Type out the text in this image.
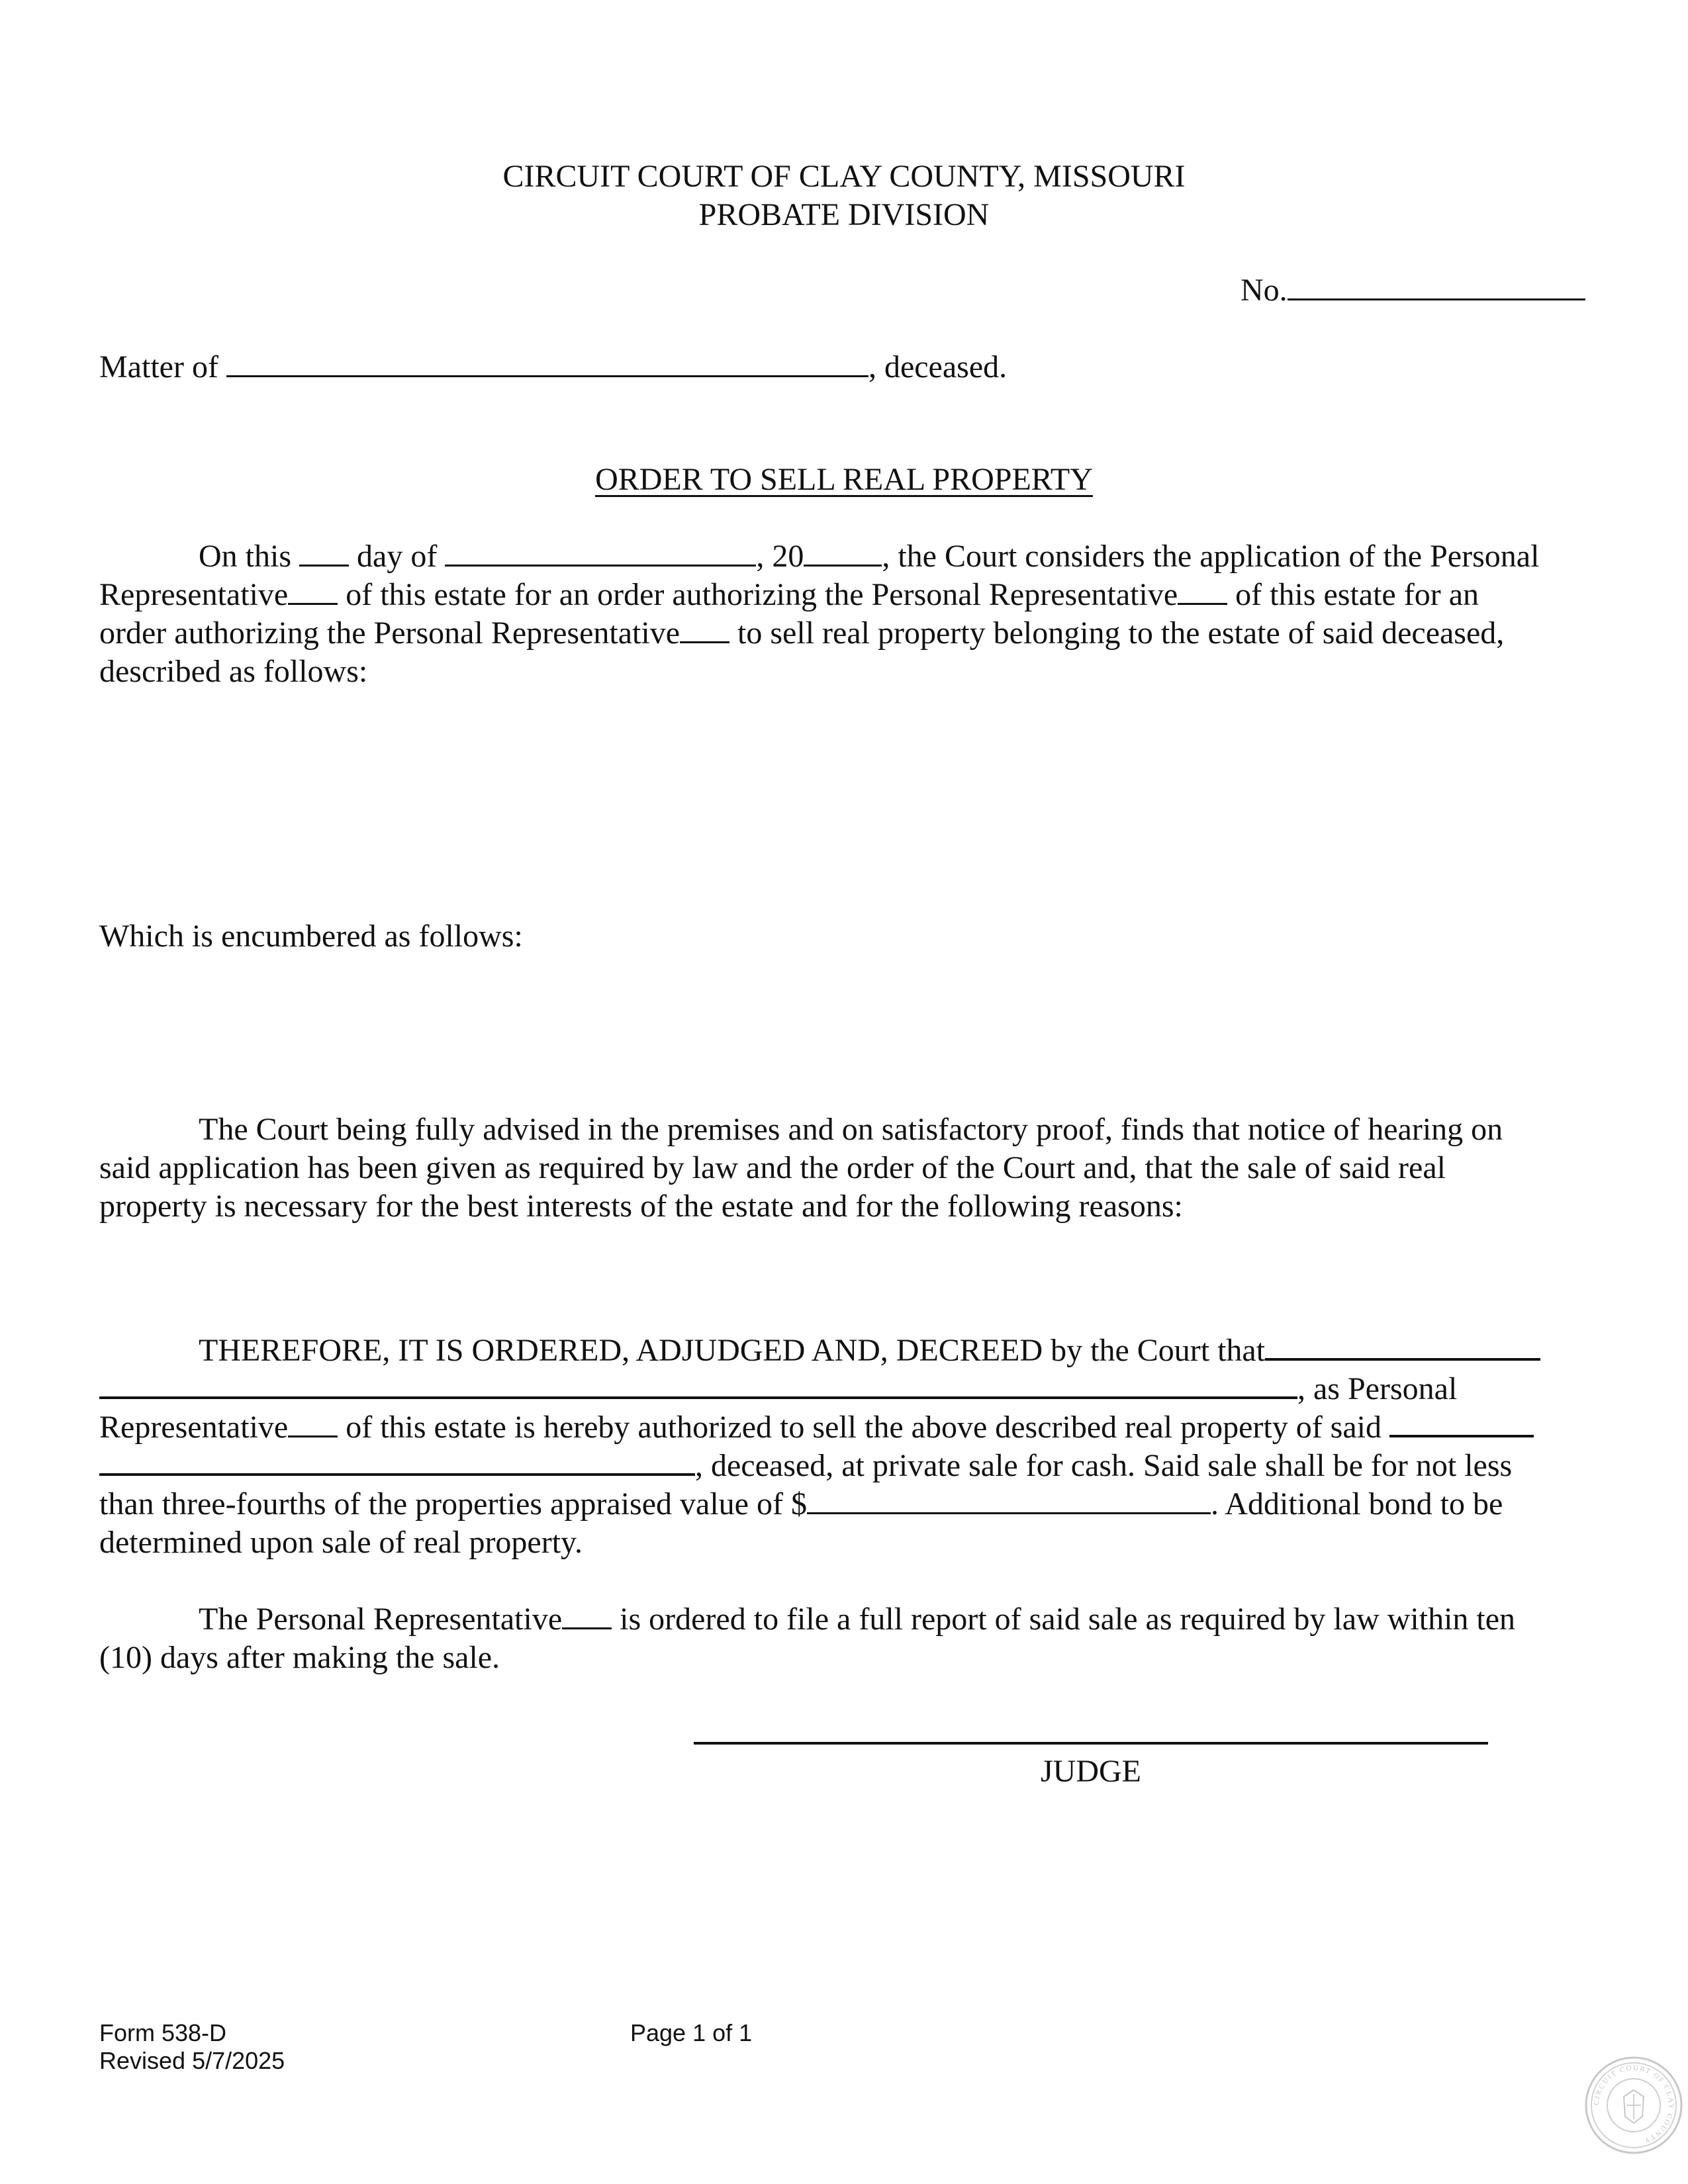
CIRCUIT COURT OF CLAY COUNTY, MISSOURI
PROBATE DIVISION
No.
Matter of	, deceased.
ORDER TO SELL REAL PROPERTY
On this day of	, 20 , the Court considers the application of the Personal
Representative of this estate for an order authorizing the Personal Representative of this estate for an
order authorizing the Personal Representative to sell real property belonging to the estate of said deceased,
described as follows:
Which is encumbered as follows:
The Court being fully advised in the premises and on satisfactory proof, finds that notice of hearing on
said application has been given as required by law and the order of the Court and, that the sale of said real
property is necessary for the best interests of the estate and for the following reasons:
THEREFORE, IT IS ORDERED, ADJUDGED AND, DECREED by the Court that
, as Personal
Representative of this estate is hereby authorized to sell the above described real property of said
, deceased, at private sale for cash. Said sale shall be for not less
than three-fourths of the properties appraised value of $	. Additional bond to be
determined upon sale of real property.
The Personal Representative is ordered to file a full report of said sale as required by law within ten
(10) days after making the sale.
JUDGE
Form 538-D
Revised 5/7/2025
Page 1 of 1
CIRCUIT COURT OF CLAY COUNTY
